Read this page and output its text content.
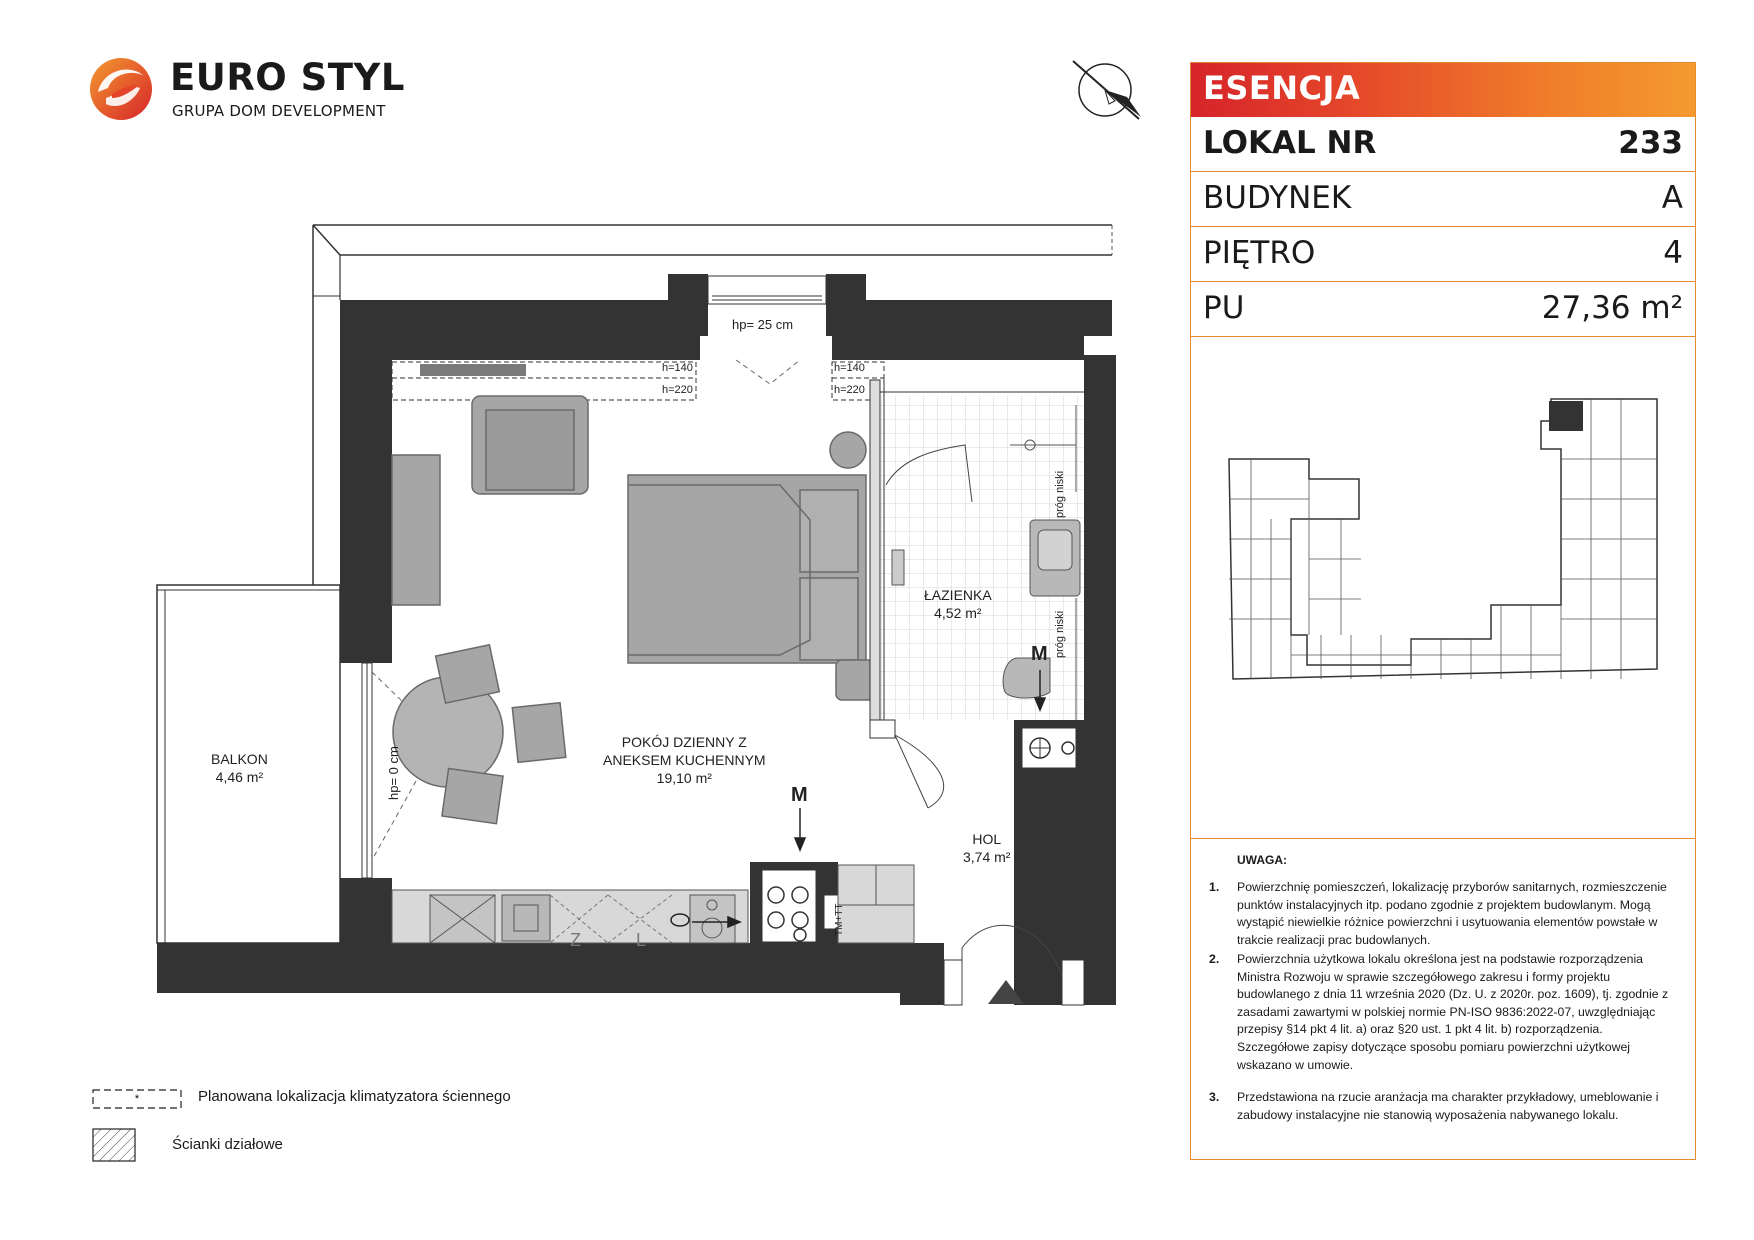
EURO STYL
GRUPA DOM DEVELOPMENT
BALKON
4,46 m²
POKÓJ DZIENNY Z
ANEKSEM KUCHENNYM
19,10 m²
ŁAZIENKA
4,52 m²
HOL
3,74 m²
hp= 25 cm
h=140
h=220
h=140
h=220
hp= 0 cm
próg niski
próg niski
M
M
TM+TT
Z	L
*	Planowana lokalizacja klimatyzatora ściennego
Ścianki działowe
ESENCJA
LOKAL NR	233
BUDYNEK	A
PIĘTRO	4
PU	27,36 m²
UWAGA:
1. Powierzchnię pomieszczeń, lokalizację przyborów sanitarnych, rozmieszczenie punktów instalacyjnych itp. podano zgodnie z projektem budowlanym. Mogą wystąpić niewielkie różnice powierzchni i usytuowania elementów powstałe w trakcie realizacji prac budowlanych.
2. Powierzchnia użytkowa lokalu określona jest na podstawie rozporządzenia Ministra Rozwoju w sprawie szczegółowego zakresu i formy projektu budowlanego z dnia 11 września 2020 (Dz. U. z 2020r. poz. 1609), tj. zgodnie z zasadami zawartymi w polskiej normie PN-ISO 9836:2022-07, uwzględniając przepisy §14 pkt 4 lit. a) oraz §20 ust. 1 pkt 4 lit. b) rozporządzenia. Szczegółowe zapisy dotyczące sposobu pomiaru powierzchni użytkowej wskazano w umowie.
3. Przedstawiona na rzucie aranżacja ma charakter przykładowy, umeblowanie i zabudowy instalacyjne nie stanowią wyposażenia nabywanego lokalu.
